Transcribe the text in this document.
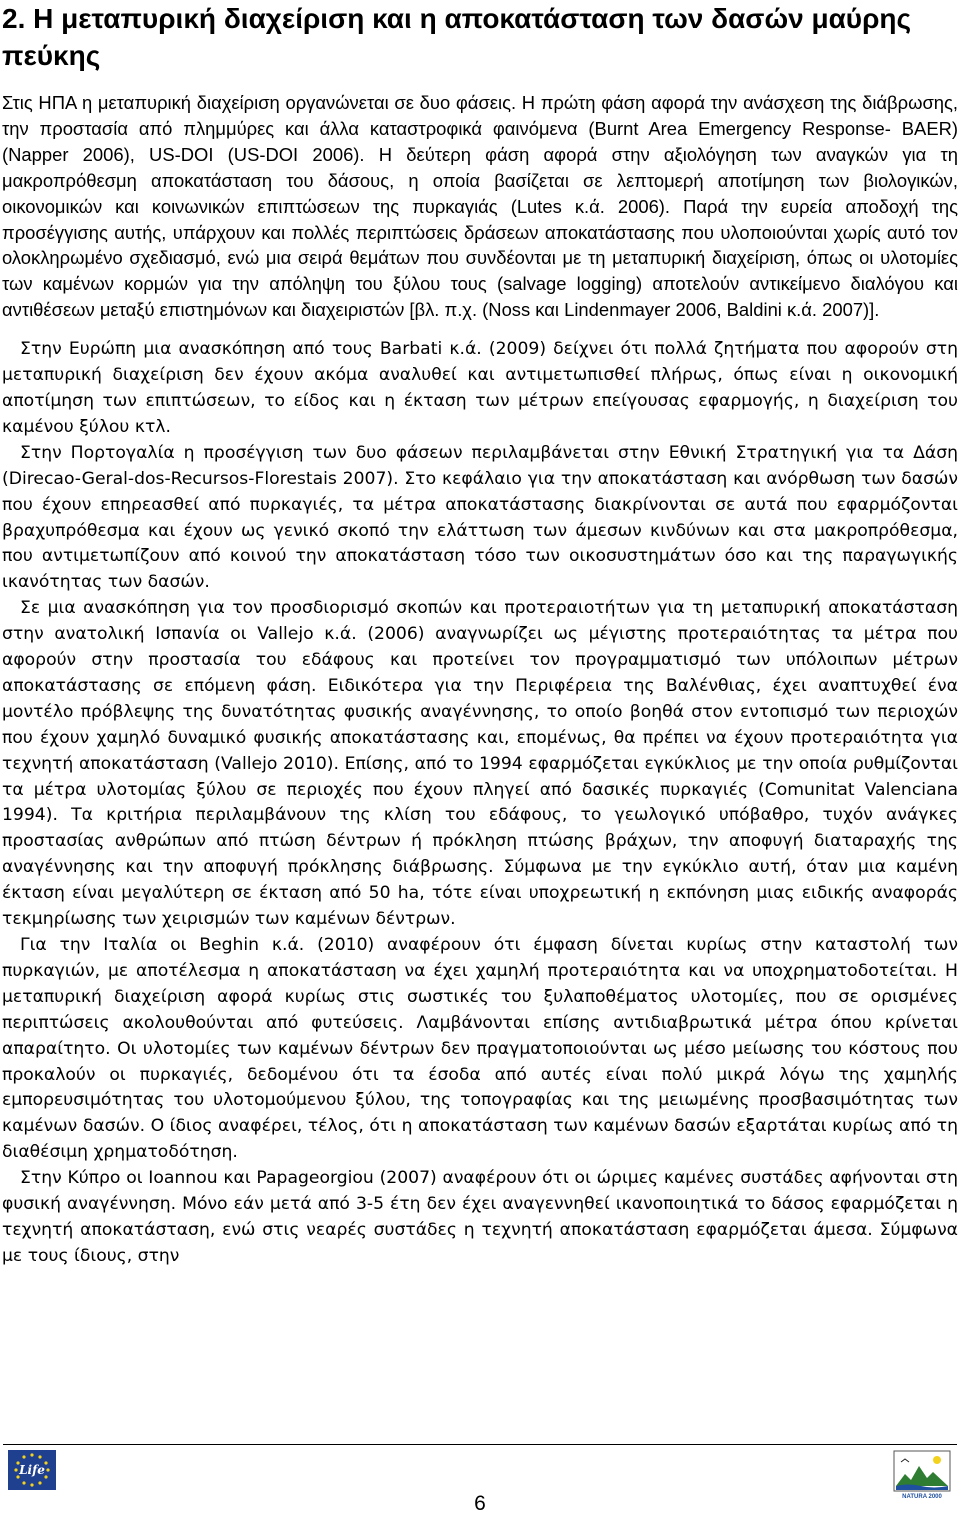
2. Η μεταπυρική διαχείριση και η αποκατάσταση των δασών μαύρης πεύκης

Στις ΗΠΑ η μεταπυρική διαχείριση οργανώνεται σε δυο φάσεις. Η πρώτη φάση αφορά την ανάσχεση της διάβρωσης, την προστασία από πλημμύρες και άλλα καταστροφικά φαινόμενα (Burnt Area Emergency Response- BAER) (Napper 2006), US-DOI (US-DOI 2006). Η δεύτερη φάση αφορά στην αξιολόγηση των αναγκών για τη μακροπρόθεσμη αποκατάσταση του δάσους, η οποία βασίζεται σε λεπτομερή αποτίμηση των βιολογικών, οικονομικών και κοινωνικών επιπτώσεων της πυρκαγιάς (Lutes κ.ά. 2006). Παρά την ευρεία αποδοχή της προσέγγισης αυτής, υπάρχουν και πολλές περιπτώσεις δράσεων αποκατάστασης που υλοποιούνται χωρίς αυτό τον ολοκληρωμένο σχεδιασμό, ενώ μια σειρά θεμάτων που συνδέονται με τη μεταπυρική διαχείριση, όπως οι υλοτομίες των καμένων κορμών για την απόληψη του ξύλου τους (salvage logging) αποτελούν αντικείμενο διαλόγου και αντιθέσεων μεταξύ επιστημόνων και διαχειριστών [βλ. π.χ. (Noss και Lindenmayer 2006, Baldini κ.ά. 2007)].

Στην Ευρώπη μια ανασκόπηση από τους Barbati κ.ά. (2009) δείχνει ότι πολλά ζητήματα που αφορούν στη μεταπυρική διαχείριση δεν έχουν ακόμα αναλυθεί και αντιμετωπισθεί πλήρως, όπως είναι η οικονομική αποτίμηση των επιπτώσεων, το είδος και η έκταση των μέτρων επείγουσας εφαρμογής, η διαχείριση του καμένου ξύλου κτλ.

Στην Πορτογαλία η προσέγγιση των δυο φάσεων περιλαμβάνεται στην Εθνική Στρατηγική για τα Δάση (Direcao-Geral-dos-Recursos-Florestais 2007). Στο κεφάλαιο για την αποκατάσταση και ανόρθωση των δασών που έχουν επηρεασθεί από πυρκαγιές, τα μέτρα αποκατάστασης διακρίνονται σε αυτά που εφαρμόζονται βραχυπρόθεσμα και έχουν ως γενικό σκοπό την ελάττωση των άμεσων κινδύνων και στα μακροπρόθεσμα, που αντιμετωπίζουν από κοινού την αποκατάσταση τόσο των οικοσυστημάτων όσο και της παραγωγικής ικανότητας των δασών.

Σε μια ανασκόπηση για τον προσδιορισμό σκοπών και προτεραιοτήτων για τη μεταπυρική αποκατάσταση στην ανατολική Ισπανία οι Vallejo κ.ά. (2006) αναγνωρίζει ως μέγιστης προτεραιότητας τα μέτρα που αφορούν στην προστασία του εδάφους και προτείνει τον προγραμματισμό των υπόλοιπων μέτρων αποκατάστασης σε επόμενη φάση. Ειδικότερα για την Περιφέρεια της Βαλένθιας, έχει αναπτυχθεί ένα μοντέλο πρόβλεψης της δυνατότητας φυσικής αναγέννησης, το οποίο βοηθά στον εντοπισμό των περιοχών που έχουν χαμηλό δυναμικό φυσικής αποκατάστασης και, επομένως, θα πρέπει να έχουν προτεραιότητα για τεχνητή αποκατάσταση (Vallejo 2010). Επίσης, από το 1994 εφαρμόζεται εγκύκλιος με την οποία ρυθμίζονται τα μέτρα υλοτομίας ξύλου σε περιοχές που έχουν πληγεί από δασικές πυρκαγιές (Comunitat Valenciana 1994). Τα κριτήρια περιλαμβάνουν της κλίση του εδάφους, το γεωλογικό υπόβαθρο, τυχόν ανάγκες προστασίας ανθρώπων από πτώση δέντρων ή πρόκληση πτώσης βράχων, την αποφυγή διαταραχής της αναγέννησης και την αποφυγή πρόκλησης διάβρωσης. Σύμφωνα με την εγκύκλιο αυτή, όταν μια καμένη έκταση είναι μεγαλύτερη σε έκταση από 50 ha, τότε είναι υποχρεωτική η εκπόνηση μιας ειδικής αναφοράς τεκμηρίωσης των χειρισμών των καμένων δέντρων.

Για την Ιταλία οι Beghin κ.ά. (2010) αναφέρουν ότι έμφαση δίνεται κυρίως στην καταστολή των πυρκαγιών, με αποτέλεσμα η αποκατάσταση να έχει χαμηλή προτεραιότητα και να υποχρηματοδοτείται. Η μεταπυρική διαχείριση αφορά κυρίως στις σωστικές του ξυλαποθέματος υλοτομίες, που σε ορισμένες περιπτώσεις ακολουθούνται από φυτεύσεις. Λαμβάνονται επίσης αντιδιαβρωτικά μέτρα όπου κρίνεται απαραίτητο. Οι υλοτομίες των καμένων δέντρων δεν πραγματοποιούνται ως μέσο μείωσης του κόστους που προκαλούν οι πυρκαγιές, δεδομένου ότι τα έσοδα από αυτές είναι πολύ μικρά λόγω της χαμηλής εμπορευσιμότητας του υλοτομούμενου ξύλου, της τοπογραφίας και της μειωμένης προσβασιμότητας των καμένων δασών. Ο ίδιος αναφέρει, τέλος, ότι η αποκατάσταση των καμένων δασών εξαρτάται κυρίως από τη διαθέσιμη χρηματοδότηση.

Στην Κύπρο οι Ioannou και Papageorgiou (2007) αναφέρουν ότι οι ώριμες καμένες συστάδες αφήνονται στη φυσική αναγέννηση. Μόνο εάν μετά από 3-5 έτη δεν έχει αναγεννηθεί ικανοποιητικά το δάσος εφαρμόζεται η τεχνητή αποκατάσταση, ενώ στις νεαρές συστάδες η τεχνητή αποκατάσταση εφαρμόζεται άμεσα. Σύμφωνα με τους ίδιους, στην

Life
NATURA 2000
6
